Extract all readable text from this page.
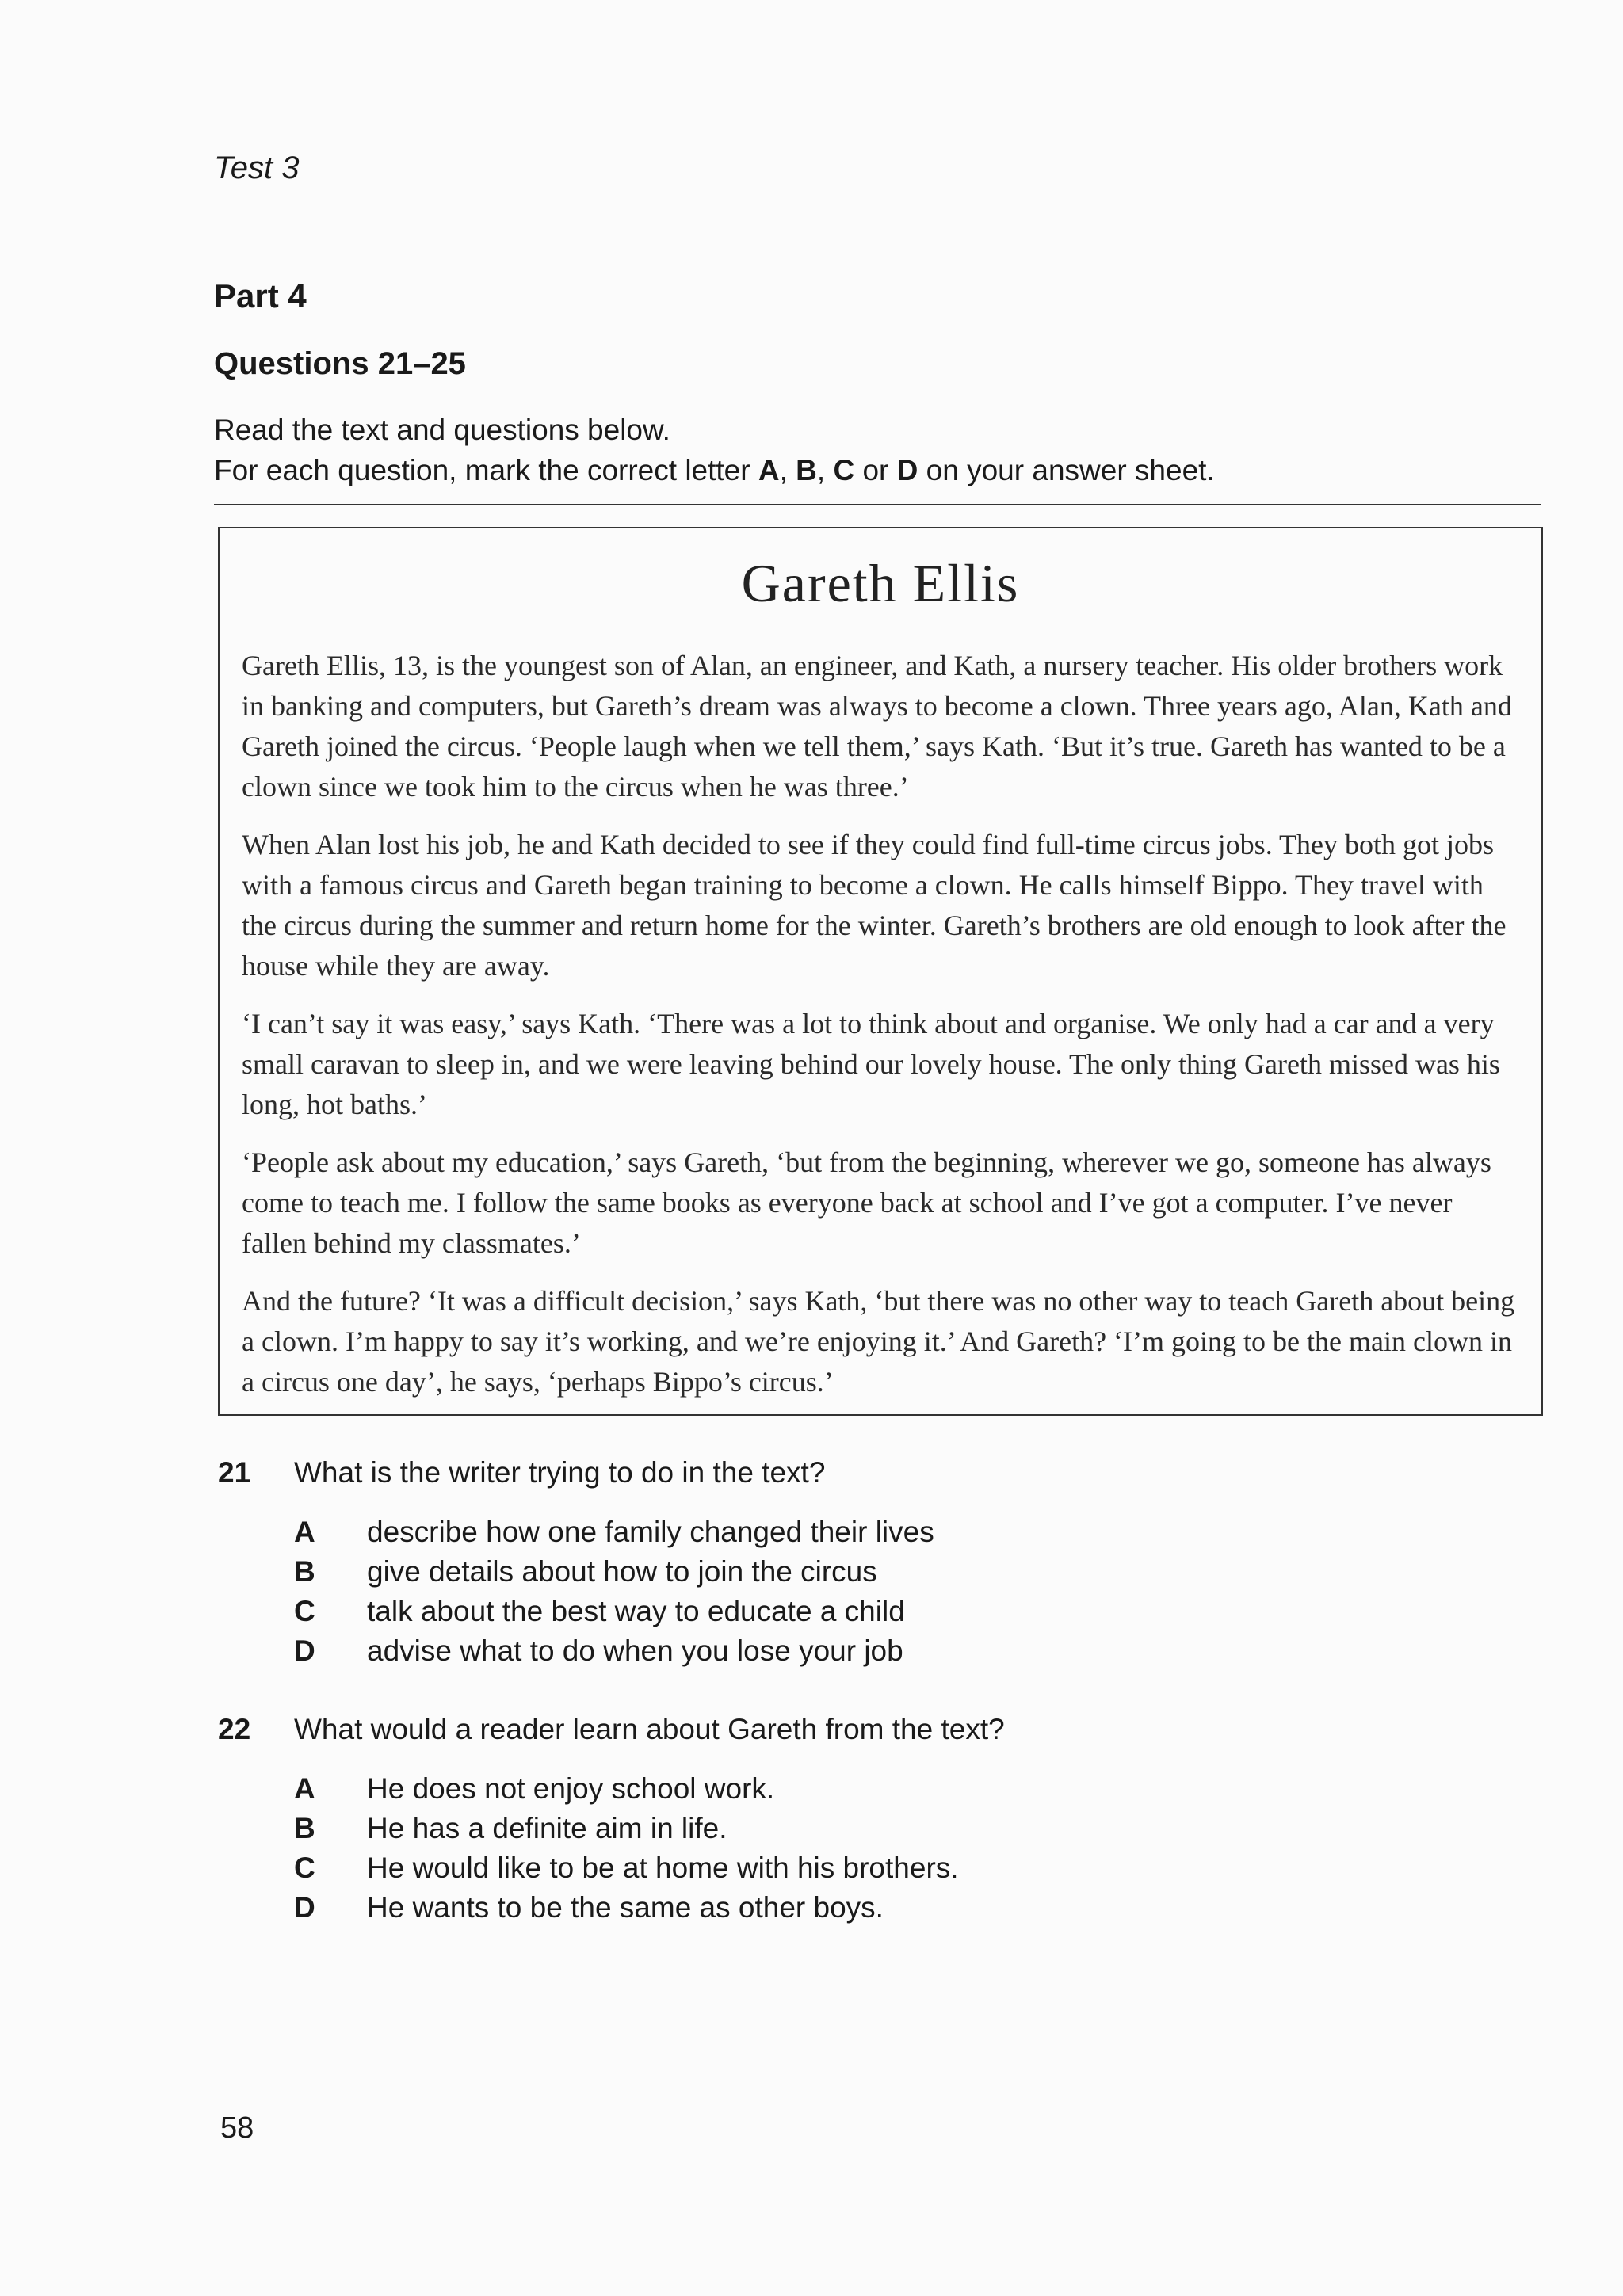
Test 3
Part 4
Questions 21–25
Read the text and questions below.
For each question, mark the correct letter A, B, C or D on your answer sheet.
Gareth Ellis

Gareth Ellis, 13, is the youngest son of Alan, an engineer, and Kath, a nursery teacher. His older brothers work in banking and computers, but Gareth’s dream was always to become a clown. Three years ago, Alan, Kath and Gareth joined the circus. ‘People laugh when we tell them,’ says Kath. ‘But it’s true. Gareth has wanted to be a clown since we took him to the circus when he was three.’

When Alan lost his job, he and Kath decided to see if they could find full-time circus jobs. They both got jobs with a famous circus and Gareth began training to become a clown. He calls himself Bippo. They travel with the circus during the summer and return home for the winter. Gareth’s brothers are old enough to look after the house while they are away.

‘I can’t say it was easy,’ says Kath. ‘There was a lot to think about and organise. We only had a car and a very small caravan to sleep in, and we were leaving behind our lovely house. The only thing Gareth missed was his long, hot baths.’

‘People ask about my education,’ says Gareth, ‘but from the beginning, wherever we go, someone has always come to teach me. I follow the same books as everyone back at school and I’ve got a computer. I’ve never fallen behind my classmates.’

And the future? ‘It was a difficult decision,’ says Kath, ‘but there was no other way to teach Gareth about being a clown. I’m happy to say it’s working, and we’re enjoying it.’ And Gareth? ‘I’m going to be the main clown in a circus one day’, he says, ‘perhaps Bippo’s circus.’

21 What is the writer trying to do in the text?
A describe how one family changed their lives
B give details about how to join the circus
C talk about the best way to educate a child
D advise what to do when you lose your job
22 What would a reader learn about Gareth from the text?
A He does not enjoy school work.
B He has a definite aim in life.
C He would like to be at home with his brothers.
D He wants to be the same as other boys.
58
